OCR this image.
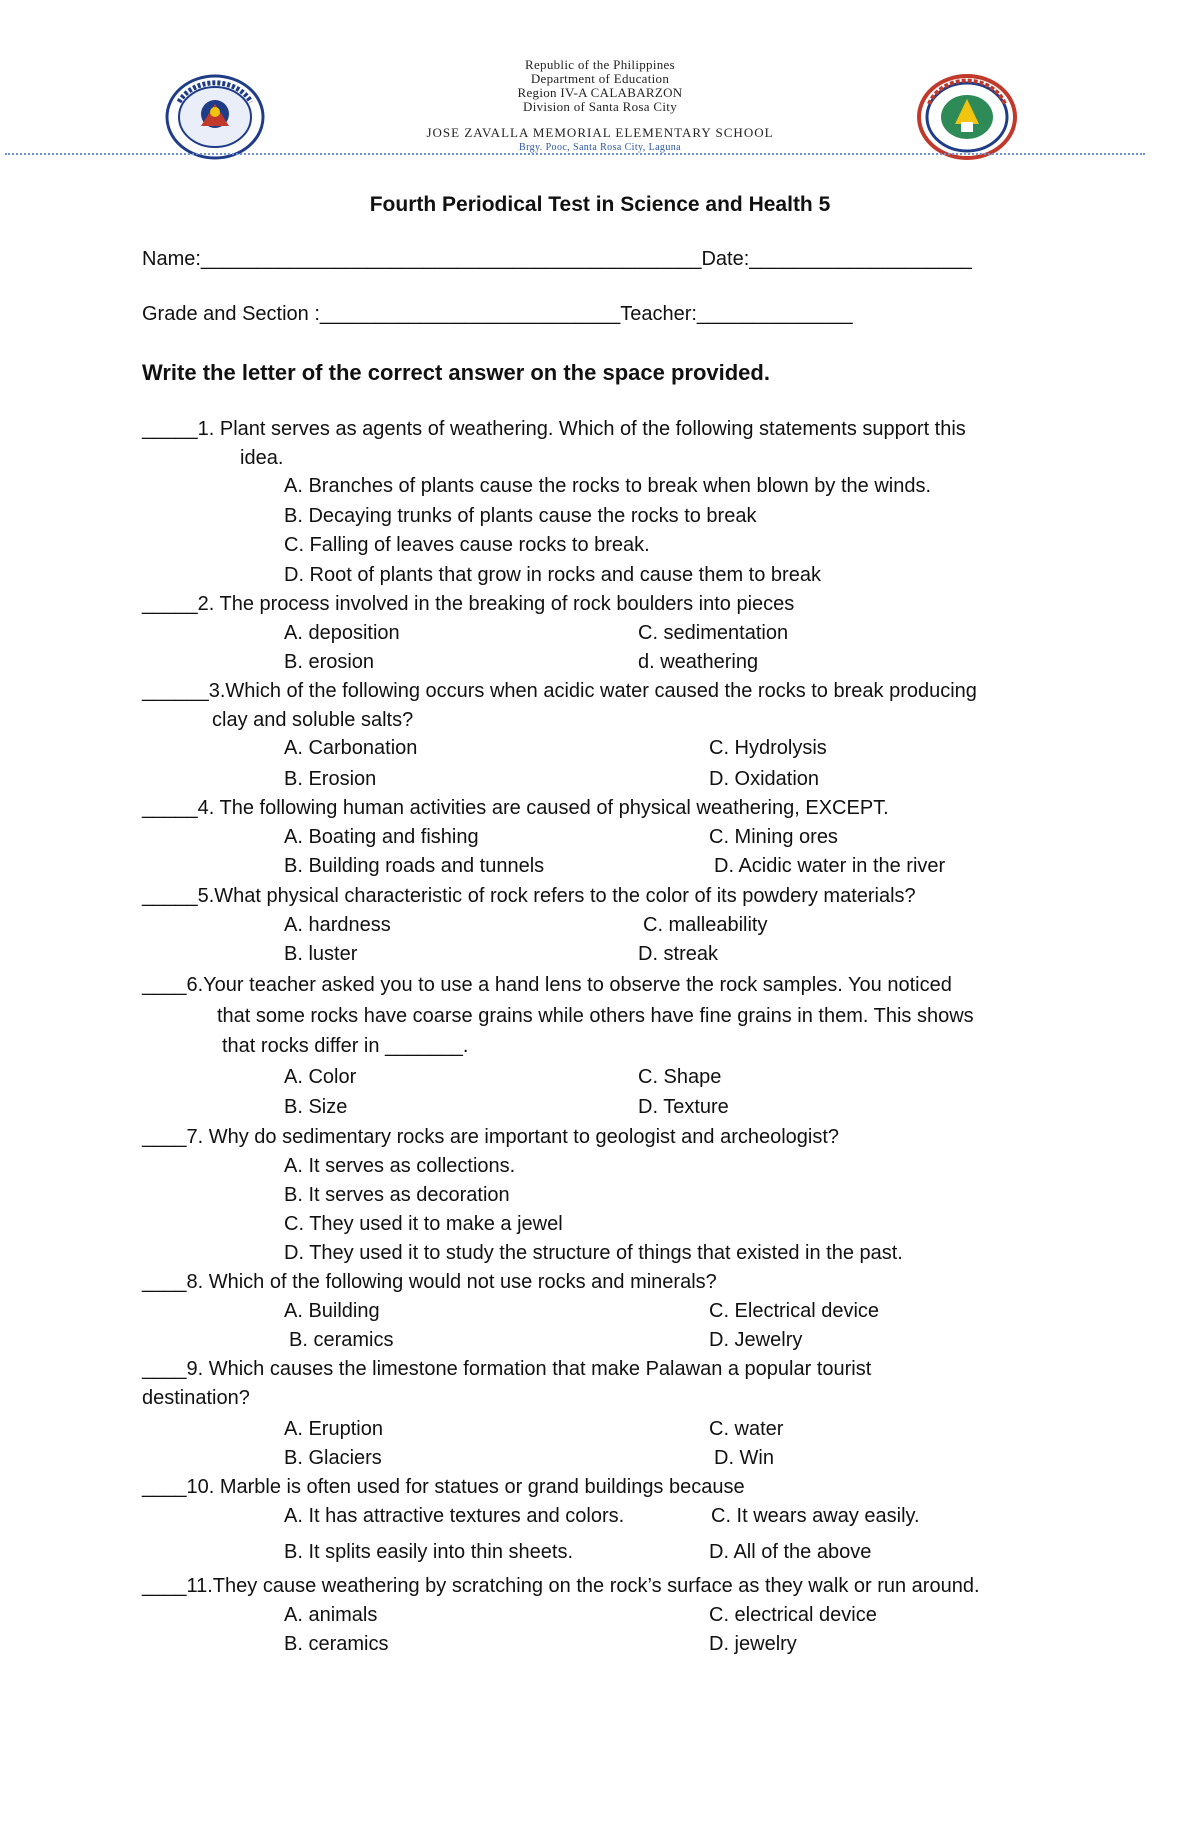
Republic of the Philippines
Department of Education
Region IV-A CALABARZON
Division of Santa Rosa City
JOSE ZAVALLA MEMORIAL ELEMENTARY SCHOOL
Brgy. Pooc, Santa Rosa City, Laguna
Fourth Periodical Test in Science and Health 5
Name:_____________________________________________Date:____________________
Grade and Section :___________________________Teacher:______________
Write the letter of the correct answer on the space provided.
_____1. Plant serves as agents of weathering. Which of the following statements support this
idea.
A. Branches of plants cause the rocks to break when blown by the winds.
B. Decaying trunks of plants cause the rocks to break
C. Falling of leaves cause rocks to break.
D. Root of plants that grow in rocks and cause them to break
_____2. The process involved in the breaking of rock boulders into pieces
A. deposition	C. sedimentation
B. erosion	d. weathering
______3.Which of the following occurs when acidic water caused the rocks to break producing
clay and soluble salts?
A. Carbonation	C. Hydrolysis
B. Erosion	D. Oxidation
_____4. The following human activities are caused of physical weathering, EXCEPT.
A. Boating and fishing	C. Mining ores
B. Building roads and tunnels	D. Acidic water in the river
_____5.What physical characteristic of rock refers to the color of its powdery materials?
A. hardness	C. malleability
B. luster	D. streak
____6.Your teacher asked you to use a hand lens to observe the rock samples. You noticed
that some rocks have coarse grains while others have fine grains in them. This shows
that rocks differ in _______.
A. Color	C. Shape
B. Size	D. Texture
____7. Why do sedimentary rocks are important to geologist and archeologist?
A. It serves as collections.
B. It serves as decoration
C. They used it to make a jewel
D. They used it to study the structure of things that existed in the past.
____8. Which of the following would not use rocks and minerals?
A. Building	C. Electrical device
B. ceramics	D. Jewelry
____9. Which causes the limestone formation that make Palawan a popular tourist
destination?
A. Eruption	C. water
B. Glaciers	D. Win
____10. Marble is often used for statues or grand buildings because
A. It has attractive textures and colors.	C. It wears away easily.
B. It splits easily into thin sheets.	D. All of the above
____11.They cause weathering by scratching on the rock’s surface as they walk or run around.
A. animals	C. electrical device
B. ceramics	D. jewelry
